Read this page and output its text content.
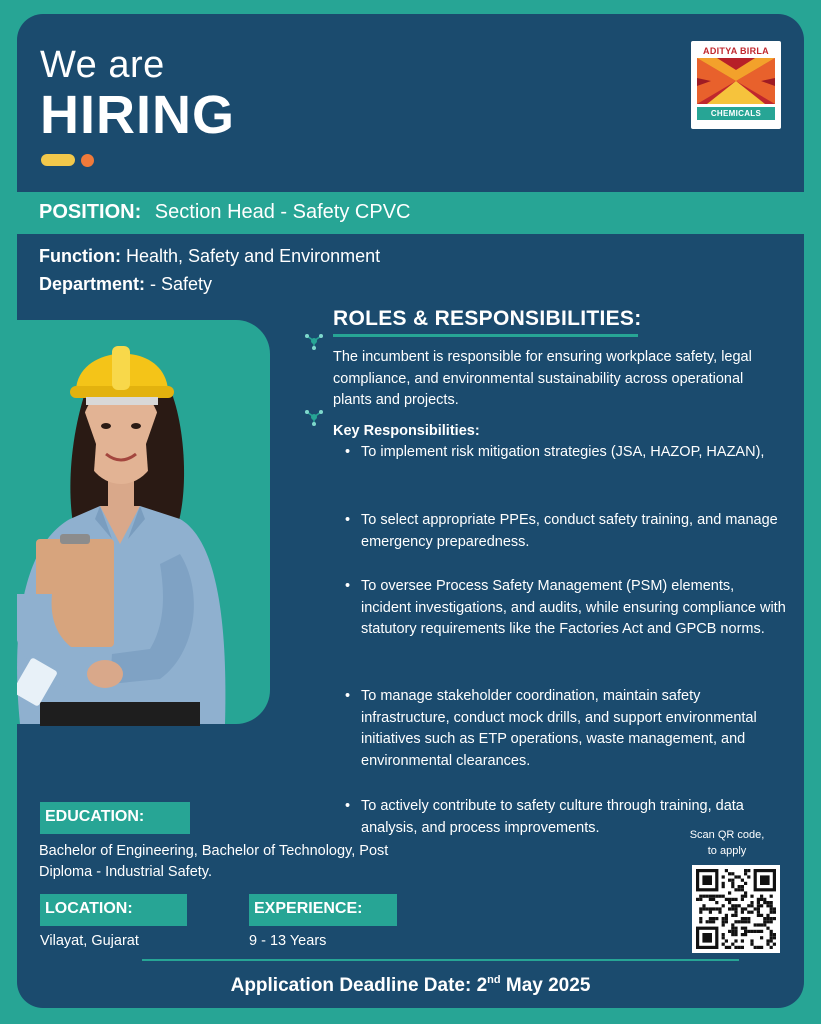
We are
HIRING
ADITYA BIRLA
CHEMICALS
POSITION: Section Head - Safety CPVC
Function: Health, Safety and Environment
Department: - Safety
ROLES & RESPONSIBILITIES:
The incumbent is responsible for ensuring workplace safety, legal compliance, and environmental sustainability across operational plants and projects.
Key Responsibilities:
• To implement risk mitigation strategies (JSA, HAZOP, HAZAN),
• To select appropriate PPEs, conduct safety training, and manage emergency preparedness.
• To oversee Process Safety Management (PSM) elements, incident investigations, and audits, while ensuring compliance with statutory requirements like the Factories Act and GPCB norms.
• To manage stakeholder coordination, maintain safety infrastructure, conduct mock drills, and support environmental initiatives such as ETP operations, waste management, and environmental clearances.
• To actively contribute to safety culture through training, data analysis, and process improvements.
EDUCATION:
Bachelor of Engineering, Bachelor of Technology, Post Diploma - Industrial Safety.
LOCATION:
Vilayat, Gujarat
EXPERIENCE:
9 - 13 Years
Scan QR code,
to apply
Application Deadline Date: 2nd May 2025
